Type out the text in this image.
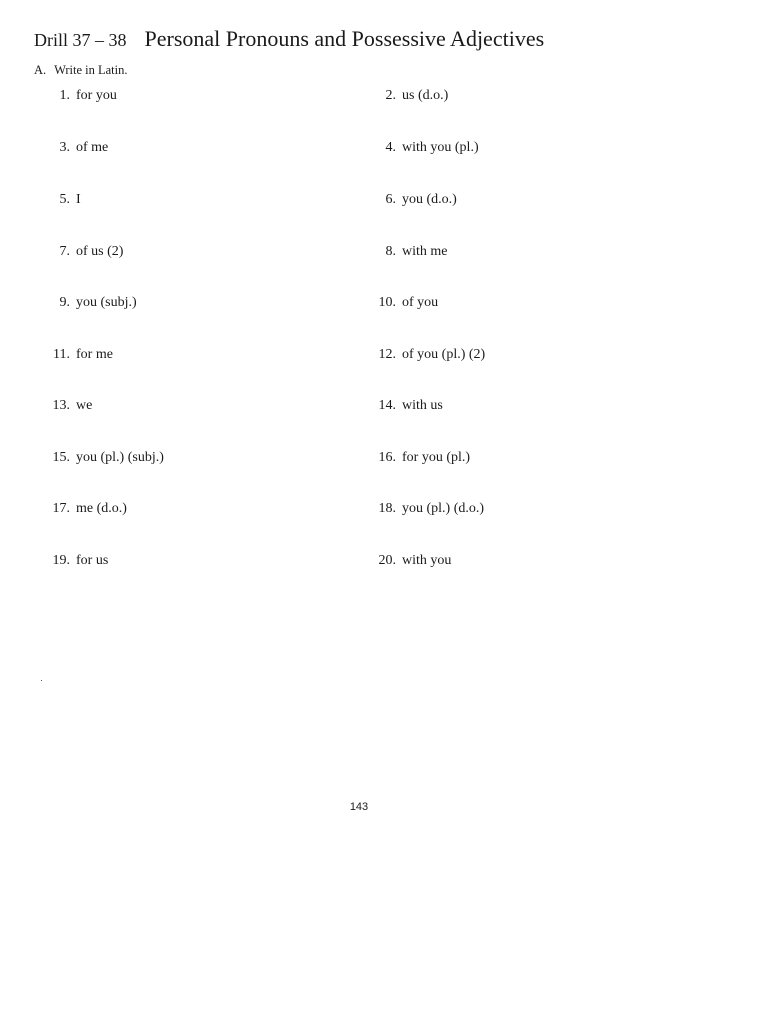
Drill 37 – 38 Personal Pronouns and Possessive Adjectives
A. Write in Latin.
1. for you	2. us (d.o.)
3. of me	4. with you (pl.)
5. I	6. you (d.o.)
7. of us (2)	8. with me
9. you (subj.)	10. of you
11. for me	12. of you (pl.) (2)
13. we	14. with us
15. you (pl.) (subj.)	16. for you (pl.)
17. me (d.o.)	18. you (pl.) (d.o.)
19. for us	20. with you
143
